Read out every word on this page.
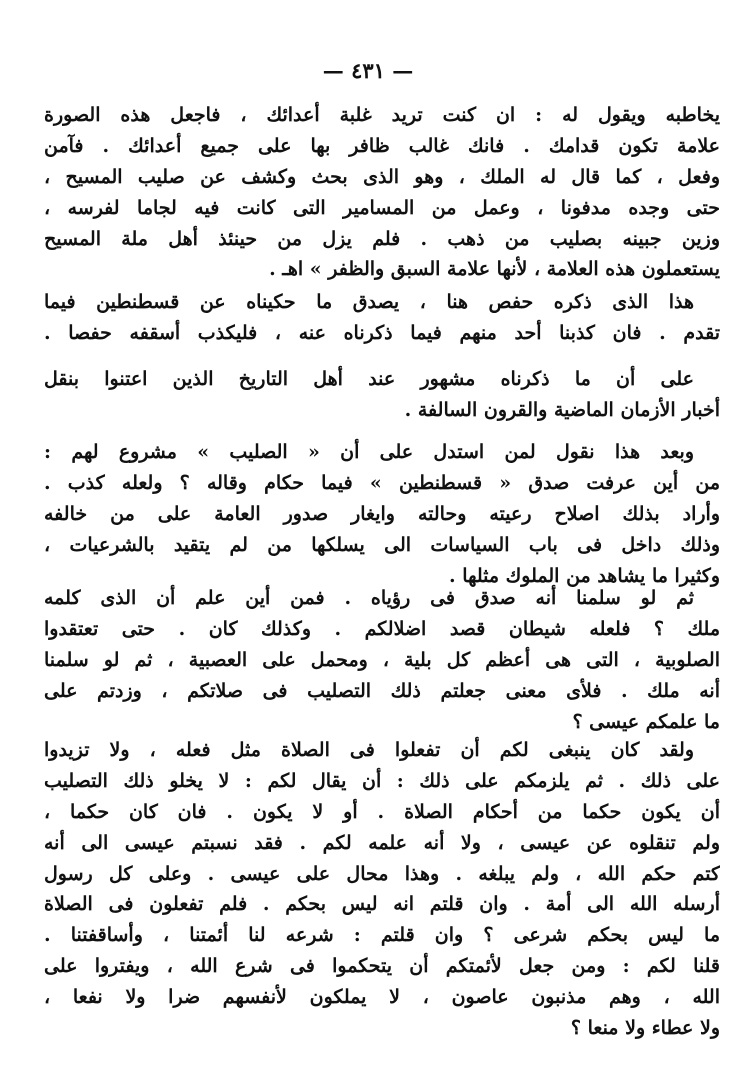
— ٤٣١ —
يخاطبه ويقول له : ان كنت تريد غلبة أعدائك ، فاجعل هذه الصورة
علامة تكون قدامك . فانك غالب ظافر بها على جميع أعدائك . فآمن
وفعل ، كما قال له الملك ، وهو الذى بحث وكشف عن صليب المسيح ،
حتى وجده مدفونا ، وعمل من المسامير التى كانت فيه لجاما لفرسه ،
وزين جبينه بصليب من ذهب . فلم يزل من حينئذ أهل ملة المسيح
يستعملون هذه العلامة ، لأنها علامة السبق والظفر » اهـ .
هذا الذى ذكره حفص هنا ، يصدق ما حكيناه عن قسطنطين فيما
تقدم . فان كذبنا أحد منهم فيما ذكرناه عنه ، فليكذب أسقفه حفصا .
على أن ما ذكرناه مشهور عند أهل التاريخ الذين اعتنوا بنقل
أخبار الأزمان الماضية والقرون السالفة .
وبعد هذا نقول لمن استدل على أن « الصليب » مشروع لهم :
من أين عرفت صدق « قسطنطين » فيما حكام وقاله ؟ ولعله كذب .
وأراد بذلك اصلاح رعيته وحالته وايغار صدور العامة على من خالفه
وذلك داخل فى باب السياسات الى يسلكها من لم يتقيد بالشرعيات ،
وكثيرا ما يشاهد من الملوك مثلها .
ثم لو سلمنا أنه صدق فى رؤياه . فمن أين علم أن الذى كلمه
ملك ؟ فلعله شيطان قصد اضلالكم . وكذلك كان . حتى تعتقدوا
الصلوبية ، التى هى أعظم كل بلية ، ومحمل على العصبية ، ثم لو سلمنا
أنه ملك . فلأى معنى جعلتم ذلك التصليب فى صلاتكم ، وزدتم على
ما علمكم عيسى ؟
ولقد كان ينبغى لكم أن تفعلوا فى الصلاة مثل فعله ، ولا تزيدوا
على ذلك . ثم يلزمكم على ذلك : أن يقال لكم : لا يخلو ذلك التصليب
أن يكون حكما من أحكام الصلاة . أو لا يكون . فان كان حكما ،
ولم تنقلوه عن عيسى ، ولا أنه علمه لكم . فقد نسبتم عيسى الى أنه
كتم حكم الله ، ولم يبلغه . وهذا محال على عيسى . وعلى كل رسول
أرسله الله الى أمة . وان قلتم انه ليس بحكم . فلم تفعلون فى الصلاة
ما ليس بحكم شرعى ؟ وان قلتم : شرعه لنا أئمتنا ، وأساقفتنا .
قلنا لكم : ومن جعل لأئمتكم أن يتحكموا فى شرع الله ، ويفتروا على
الله ، وهم مذنبون عاصون ، لا يملكون لأنفسهم ضرا ولا نفعا ،
ولا عطاء ولا منعا ؟
